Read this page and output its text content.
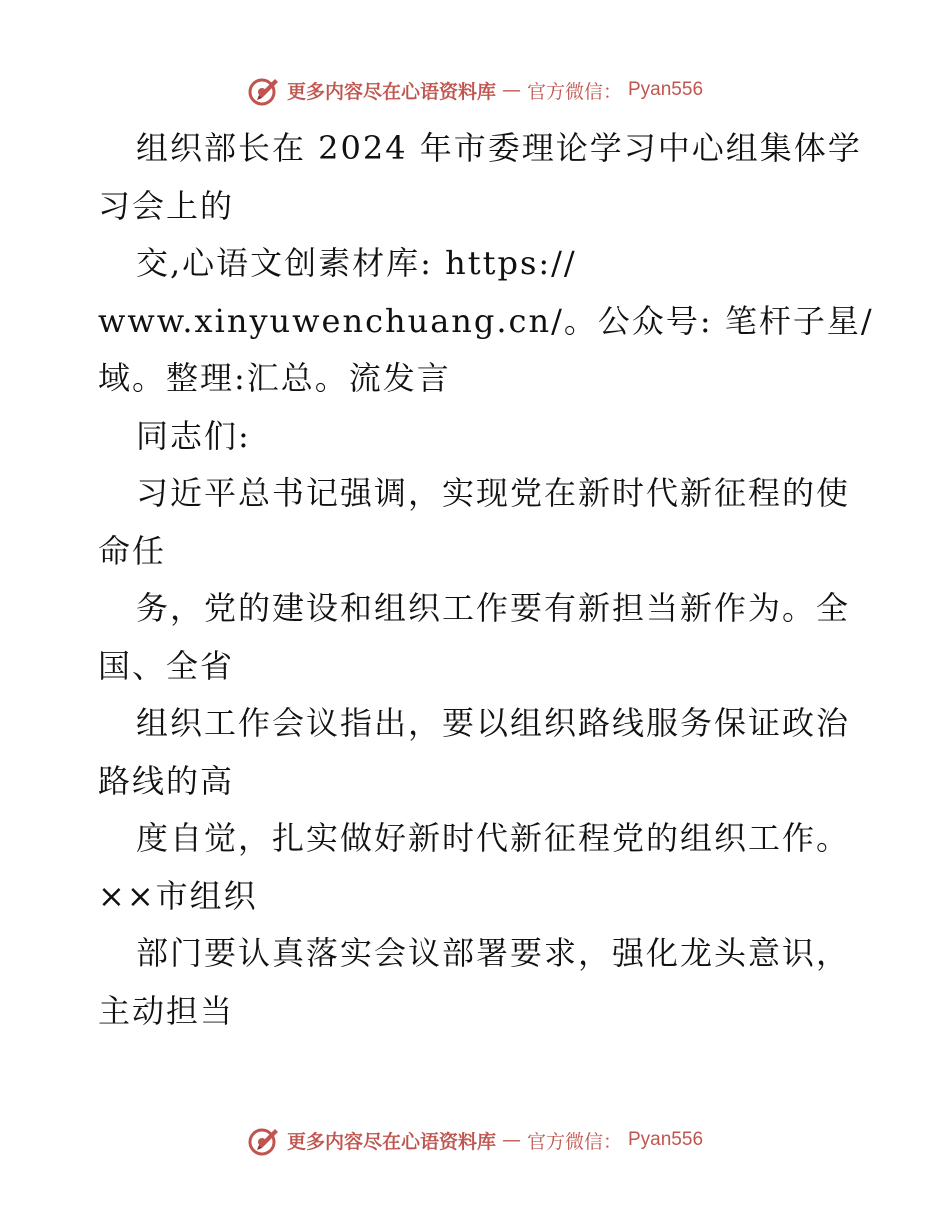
更多内容尽在心语资料库 — 官方微信： Pyan556
组织部长在 2024 年市委理论学习中心组集体学
习会上的
交,心语文创素材库: https://
www.xinyuwenchuang.cn/。公众号: 笔杆子星/
域。整理:汇总。流发言
同志们:
习近平总书记强调，实现党在新时代新征程的使
命任
务，党的建设和组织工作要有新担当新作为。全
国、全省
组织工作会议指出，要以组织路线服务保证政治
路线的高
度自觉，扎实做好新时代新征程党的组织工作。
××市组织
部门要认真落实会议部署要求，强化龙头意识，
主动担当
更多内容尽在心语资料库 — 官方微信： Pyan556
